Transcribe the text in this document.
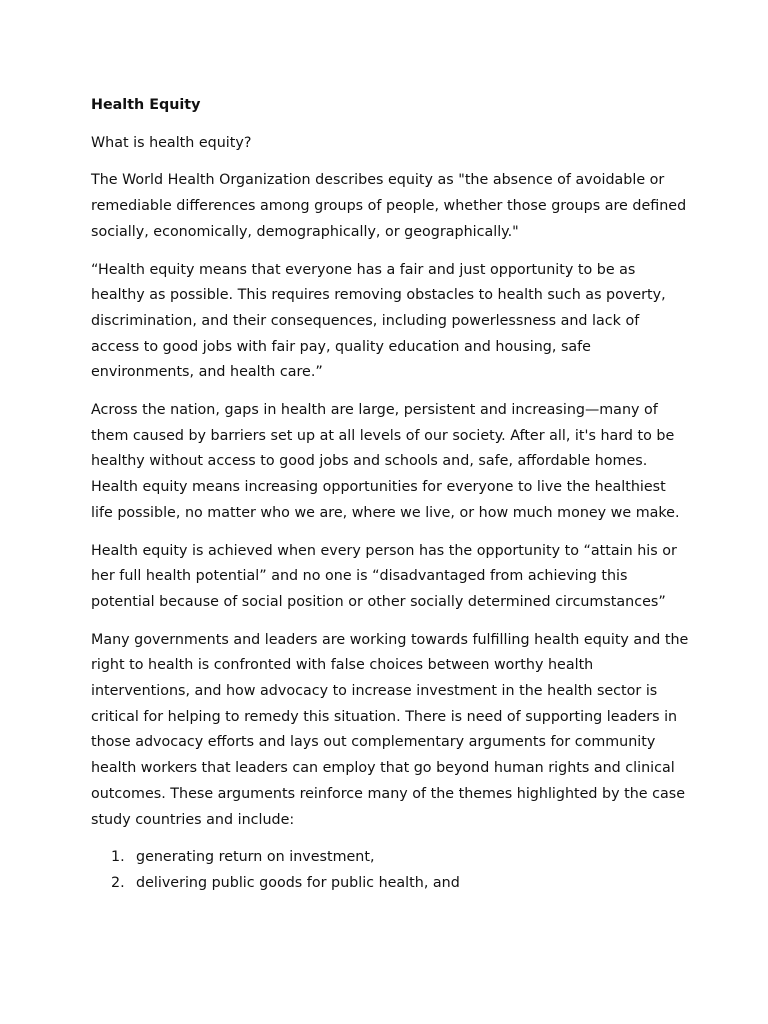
Health Equity

What is health equity?

The World Health Organization describes equity as "the absence of avoidable or remediable differences among groups of people, whether those groups are defined socially, economically, demographically, or geographically."

“Health equity means that everyone has a fair and just opportunity to be as healthy as possible. This requires removing obstacles to health such as poverty, discrimination, and their consequences, including powerlessness and lack of access to good jobs with fair pay, quality education and housing, safe environments, and health care.”

Across the nation, gaps in health are large, persistent and increasing—many of them caused by barriers set up at all levels of our society. After all, it's hard to be healthy without access to good jobs and schools and, safe, affordable homes. Health equity means increasing opportunities for everyone to live the healthiest life possible, no matter who we are, where we live, or how much money we make.

Health equity is achieved when every person has the opportunity to “attain his or her full health potential” and no one is “disadvantaged from achieving this potential because of social position or other socially determined circumstances”

Many governments and leaders are working towards fulfilling health equity and the right to health is confronted with false choices between worthy health interventions, and how advocacy to increase investment in the health sector is critical for helping to remedy this situation. There is need of supporting leaders in those advocacy efforts and lays out complementary arguments for community health workers that leaders can employ that go beyond human rights and clinical outcomes. These arguments reinforce many of the themes highlighted by the case study countries and include:

1. generating return on investment,
2. delivering public goods for public health, and
